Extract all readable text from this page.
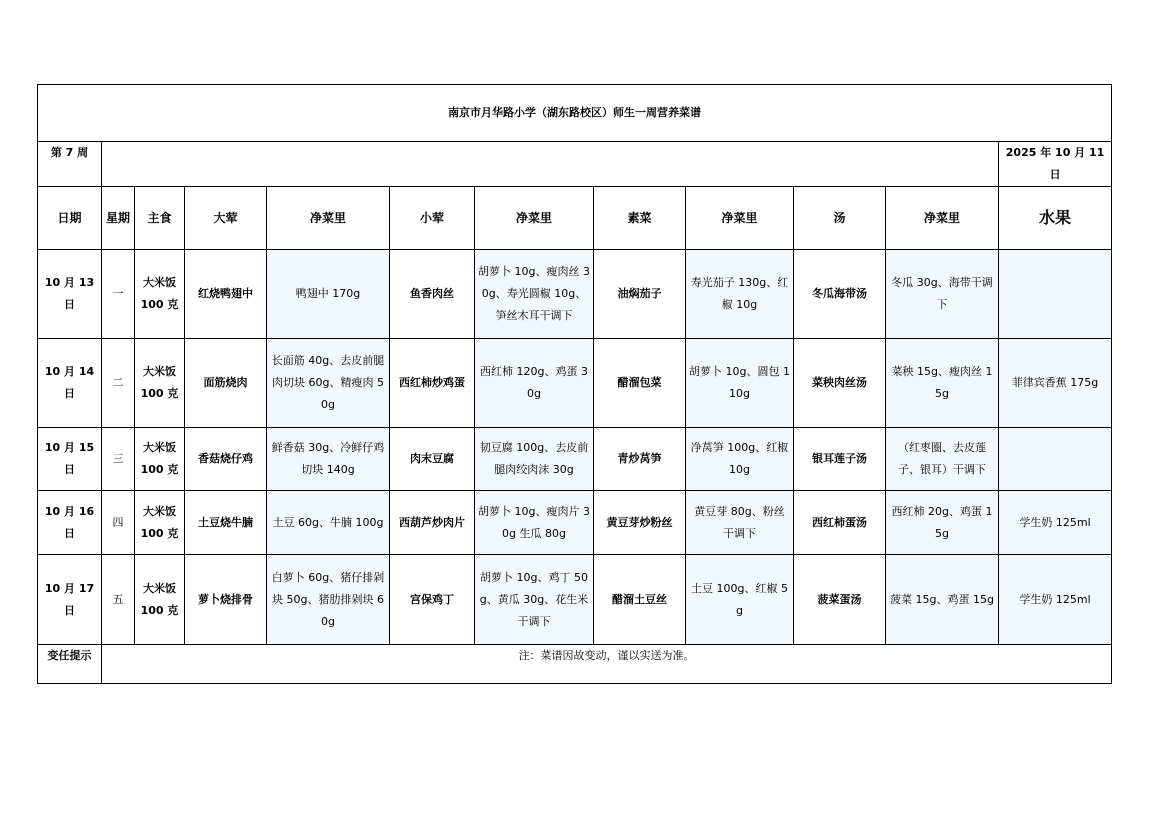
南京市月华路小学（湖东路校区）师生一周营养菜谱											
第 7 周											2025 年 10 月 11 日
日期	星期	主食	大荤	净菜里	小荤	净菜里	素菜	净菜里	汤	净菜里	水果
10 月 13 日	一	大米饭 100 克	红烧鸭翅中	鸭翅中 170g	鱼香肉丝	胡萝卜 10g、瘦肉丝 30g、寿光圆椒 10g、笋丝木耳干调下	油焖茄子	寿光茄子 130g、红椒 10g	冬瓜海带汤	冬瓜 30g、海带干调下	
10 月 14 日	二	大米饭 100 克	面筋烧肉	长面筋 40g、去皮前腿肉切块 60g、精瘦肉 50g	西红柿炒鸡蛋	西红柿 120g、鸡蛋 30g	醋溜包菜	胡萝卜 10g、圆包 110g	菜秧肉丝汤	菜秧 15g、瘦肉丝 15g	菲律宾香蕉 175g
10 月 15 日	三	大米饭 100 克	香菇烧仔鸡	鲜香菇 30g、冷鲜仔鸡切块 140g	肉末豆腐	韧豆腐 100g、去皮前腿肉绞肉沫 30g	青炒莴笋	净莴笋 100g、红椒 10g	银耳莲子汤	（红枣圈、去皮莲子、银耳）干调下	
10 月 16 日	四	大米饭 100 克	土豆烧牛腩	土豆 60g、牛腩 100g	西葫芦炒肉片	胡萝卜 10g、瘦肉片 30g 生瓜 80g	黄豆芽炒粉丝	黄豆芽 80g、粉丝干调下	西红柿蛋汤	西红柿 20g、鸡蛋 15g	学生奶 125ml
10 月 17 日	五	大米饭 100 克	萝卜烧排骨	白萝卜 60g、猪仔排剁块 50g、猪肋排剁块 60g	宫保鸡丁	胡萝卜 10g、鸡丁 50g、黄瓜 30g、花生米干调下	醋溜土豆丝	土豆 100g、红椒 5g	菠菜蛋汤	菠菜 15g、鸡蛋 15g	学生奶 125ml
变任提示	注：菜谱因故变动，谨以实送为准。										
